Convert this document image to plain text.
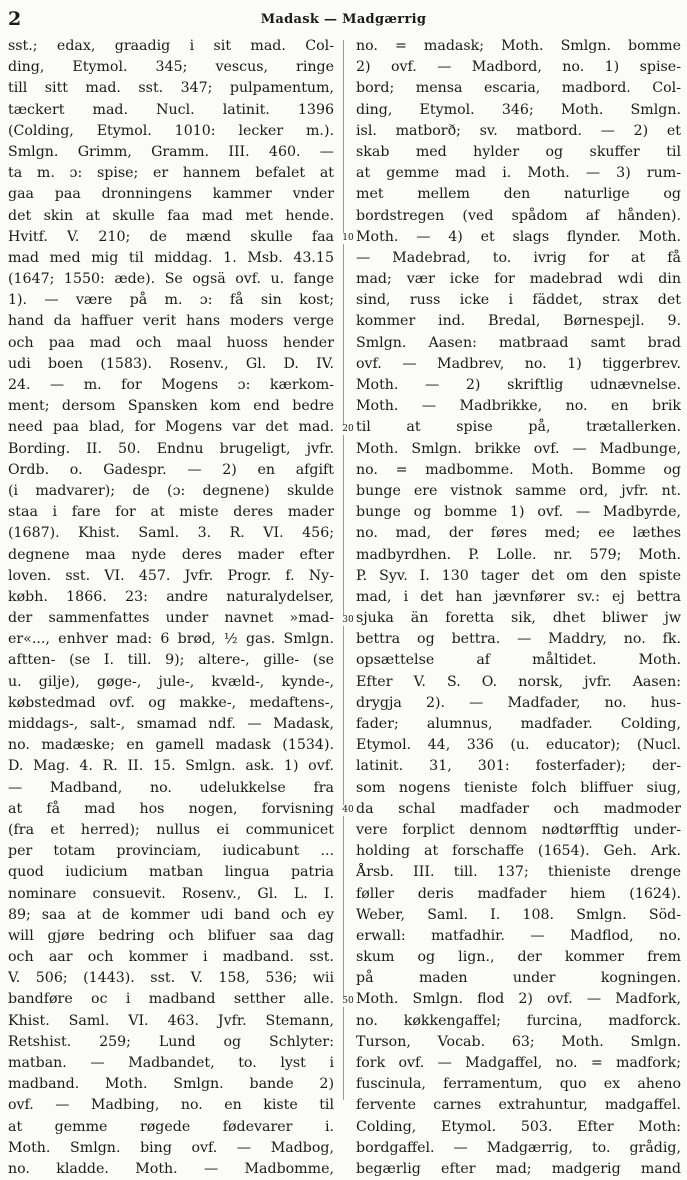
2	Madask — Madgærrig
10
20
30
40
50
sst.; edax, graadig i sit mad. Col-
ding, Etymol. 345; vescus, ringe
till sitt mad. sst. 347; pulpamentum,
tæckert mad. Nucl. latinit. 1396
(Colding, Etymol. 1010: lecker m.).
Smlgn. Grimm, Gramm. III. 460. —
ta m. ɔ: spise; er hannem befalet at
gaa paa dronningens kammer vnder
det skin at skulle faa mad met hende.
Hvitf. V. 210; de mænd skulle faa
mad med mig til middag. 1. Msb. 43.15
(1647; 1550: æde). Se ogsä ovf. u. fange
1). — være på m. ɔ: få sin kost;
hand da haffuer verit hans moders verge
och paa mad och maal huoss hender
udi boen (1583). Rosenv., Gl. D. IV.
24. — m. for Mogens ɔ: kærkom-
ment; dersom Spansken kom end bedre
need paa blad, for Mogens var det mad.
Bording. II. 50. Endnu brugeligt, jvfr.
Ordb. o. Gadespr. — 2) en afgift
(i madvarer); de (ɔ: degnene) skulde
staa i fare for at miste deres mader
(1687). Khist. Saml. 3. R. VI. 456;
degnene maa nyde deres mader efter
loven. sst. VI. 457. Jvfr. Progr. f. Ny-
købh. 1866. 23: andre naturalydelser,
der sammenfattes under navnet »mad-
er«..., enhver mad: 6 brød, ½ gas. Smlgn.
aftten- (se I. till. 9); altere-, gille- (se
u. gilje), gøge-, jule-, kvæld-, kynde-,
købstedmad ovf. og makke-, medaftens-,
middags-, salt-, smamad ndf. — Madask,
no. madæske; en gamell madask (1534).
D. Mag. 4. R. II. 15. Smlgn. ask. 1) ovf.
— Madband, no. udelukkelse fra
at få mad hos nogen, forvisning
(fra et herred); nullus ei communicet
per totam provinciam, iudicabunt ...
quod iudicium matban lingua patria
nominare consuevit. Rosenv., Gl. L. I.
89; saa at de kommer udi band och ey
will gjøre bedring och blifuer saa dag
och aar och kommer i madband. sst.
V. 506; (1443). sst. V. 158, 536; wii
bandføre oc i madband setther alle.
Khist. Saml. VI. 463. Jvfr. Stemann,
Retshist. 259; Lund og Schlyter:
matban. — Madbandet, to. lyst i
madband. Moth. Smlgn. bande 2)
ovf. — Madbing, no. en kiste til
at gemme røgede fødevarer i.
Moth. Smlgn. bing ovf. — Madbog,
no. kladde. Moth. — Madbomme,
no. = madask; Moth. Smlgn. bomme
2) ovf. — Madbord, no. 1) spise-
bord; mensa escaria, madbord. Col-
ding, Etymol. 346; Moth. Smlgn.
isl. matborð; sv. matbord. — 2) et
skab med hylder og skuffer til
at gemme mad i. Moth. — 3) rum-
met mellem den naturlige og
bordstregen (ved spådom af hånden).
Moth. — 4) et slags flynder. Moth.
— Madebrad, to. ivrig for at få
mad; vær icke for madebrad wdi din
sind, russ icke i fäddet, strax det
kommer ind. Bredal, Børnespejl. 9.
Smlgn. Aasen: matbraad samt brad
ovf. — Madbrev, no. 1) tiggerbrev.
Moth. — 2) skriftlig udnævnelse.
Moth. — Madbrikke, no. en brik
til at spise på, trætallerken.
Moth. Smlgn. brikke ovf. — Madbunge,
no. = madbomme. Moth. Bomme og
bunge ere vistnok samme ord, jvfr. nt.
bunge og bomme 1) ovf. — Madbyrde,
no. mad, der føres med; ee læthes
madbyrdhen. P. Lolle. nr. 579; Moth.
P. Syv. I. 130 tager det om den spiste
mad, i det han jævnfører sv.: ej bettra
sjuka än foretta sik, dhet bliwer jw
bettra og bettra. — Maddry, no. fk.
opsættelse af måltidet. Moth.
Efter V. S. O. norsk, jvfr. Aasen:
drygja 2). — Madfader, no. hus-
fader; alumnus, madfader. Colding,
Etymol. 44, 336 (u. educator); (Nucl.
latinit. 31, 301: fosterfader); der-
som nogens tieniste folch bliffuer siug,
da schal madfader och madmoder
vere forplict dennom nødtørfftig under-
holding at forschaffe (1654). Geh. Ark.
Årsb. III. till. 137; thieniste drenge
føller deris madfader hiem (1624).
Weber, Saml. I. 108. Smlgn. Söd-
erwall: matfadhir. — Madflod, no.
skum og lign., der kommer frem
på maden under kogningen.
Moth. Smlgn. flod 2) ovf. — Madfork,
no. køkkengaffel; furcina, madforck.
Turson, Vocab. 63; Moth. Smlgn.
fork ovf. — Madgaffel, no. = madfork;
fuscinula, ferramentum, quo ex aheno
fervente carnes extrahuntur, madgaffel.
Colding, Etymol. 503. Efter Moth:
bordgaffel. — Madgærrig, to. grådig,
begærlig efter mad; madgerig mand
